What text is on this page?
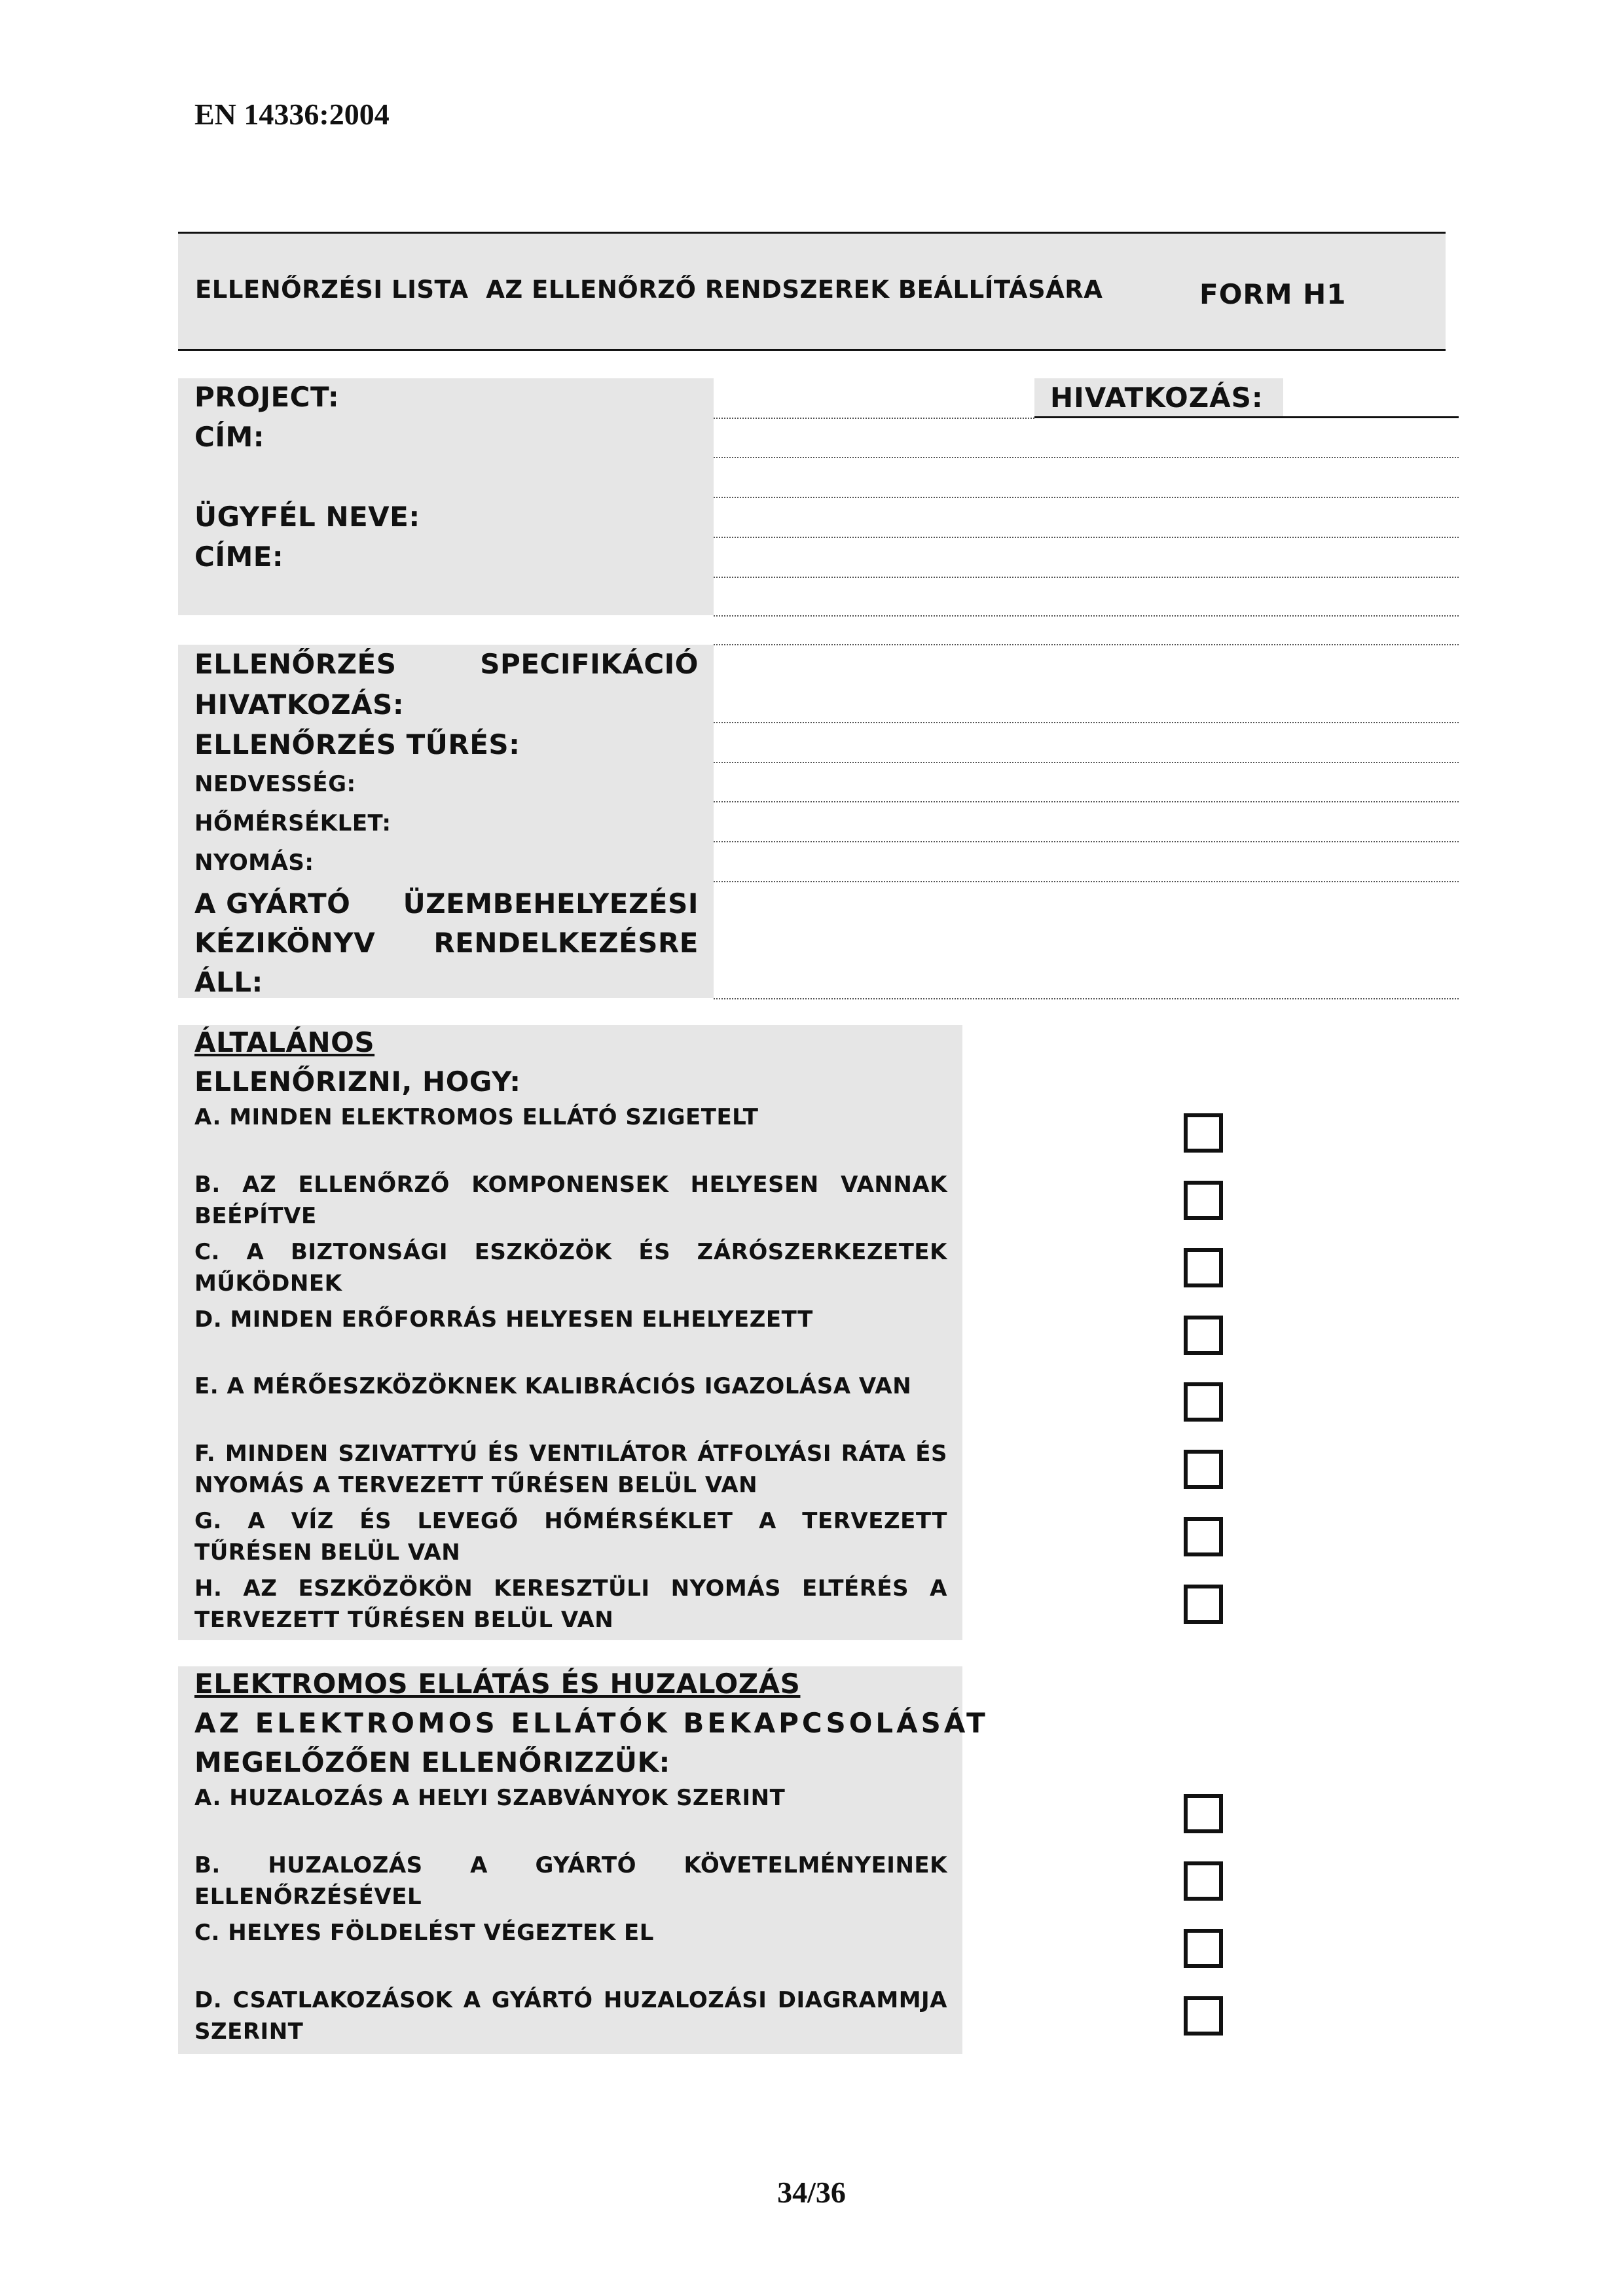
EN 14336:2004
ELLENŐRZÉSI LISTA  AZ ELLENŐRZŐ RENDSZEREK BEÁLLÍTÁSÁRA	FORM H1
PROJECT:
CÍM:
ÜGYFÉL NEVE:
CÍME:
HIVATKOZÁS:
ELLENŐRZÉS	SPECIFIKÁCIÓ
HIVATKOZÁS:
ELLENŐRZÉS TŰRÉS:
NEDVESSÉG:
HŐMÉRSÉKLET:
NYOMÁS:
A GYÁRTÓ ÜZEMBEHELYEZÉSI
KÉZIKÖNYV RENDELKEZÉSRE
ÁLL:
ÁLTALÁNOS
ELLENŐRIZNI, HOGY:
A. MINDEN ELEKTROMOS ELLÁTÓ SZIGETELT
B. AZ ELLENŐRZŐ KOMPONENSEK HELYESEN VANNAK BEÉPÍTVE
C. A BIZTONSÁGI ESZKÖZÖK ÉS ZÁRÓSZERKEZETEK MŰKÖDNEK
D. MINDEN ERŐFORRÁS HELYESEN ELHELYEZETT
E. A MÉRŐESZKÖZÖKNEK KALIBRÁCIÓS IGAZOLÁSA VAN
F. MINDEN SZIVATTYÚ ÉS VENTILÁTOR ÁTFOLYÁSI RÁTA ÉS NYOMÁS A TERVEZETT TŰRÉSEN BELÜL VAN
G. A VÍZ ÉS LEVEGŐ HŐMÉRSÉKLET A TERVEZETT TŰRÉSEN BELÜL VAN
H. AZ ESZKÖZÖKÖN KERESZTÜLI NYOMÁS ELTÉRÉS A TERVEZETT TŰRÉSEN BELÜL VAN
ELEKTROMOS ELLÁTÁS ÉS HUZALOZÁS
AZ ELEKTROMOS ELLÁTÓK BEKAPCSOLÁSÁT
MEGELŐZŐEN ELLENŐRIZZÜK:
A. HUZALOZÁS A HELYI SZABVÁNYOK SZERINT
B. HUZALOZÁS A GYÁRTÓ KÖVETELMÉNYEINEK ELLENŐRZÉSÉVEL
C. HELYES FÖLDELÉST VÉGEZTEK EL
D. CSATLAKOZÁSOK A GYÁRTÓ HUZALOZÁSI DIAGRAMMJA SZERINT
34/36
